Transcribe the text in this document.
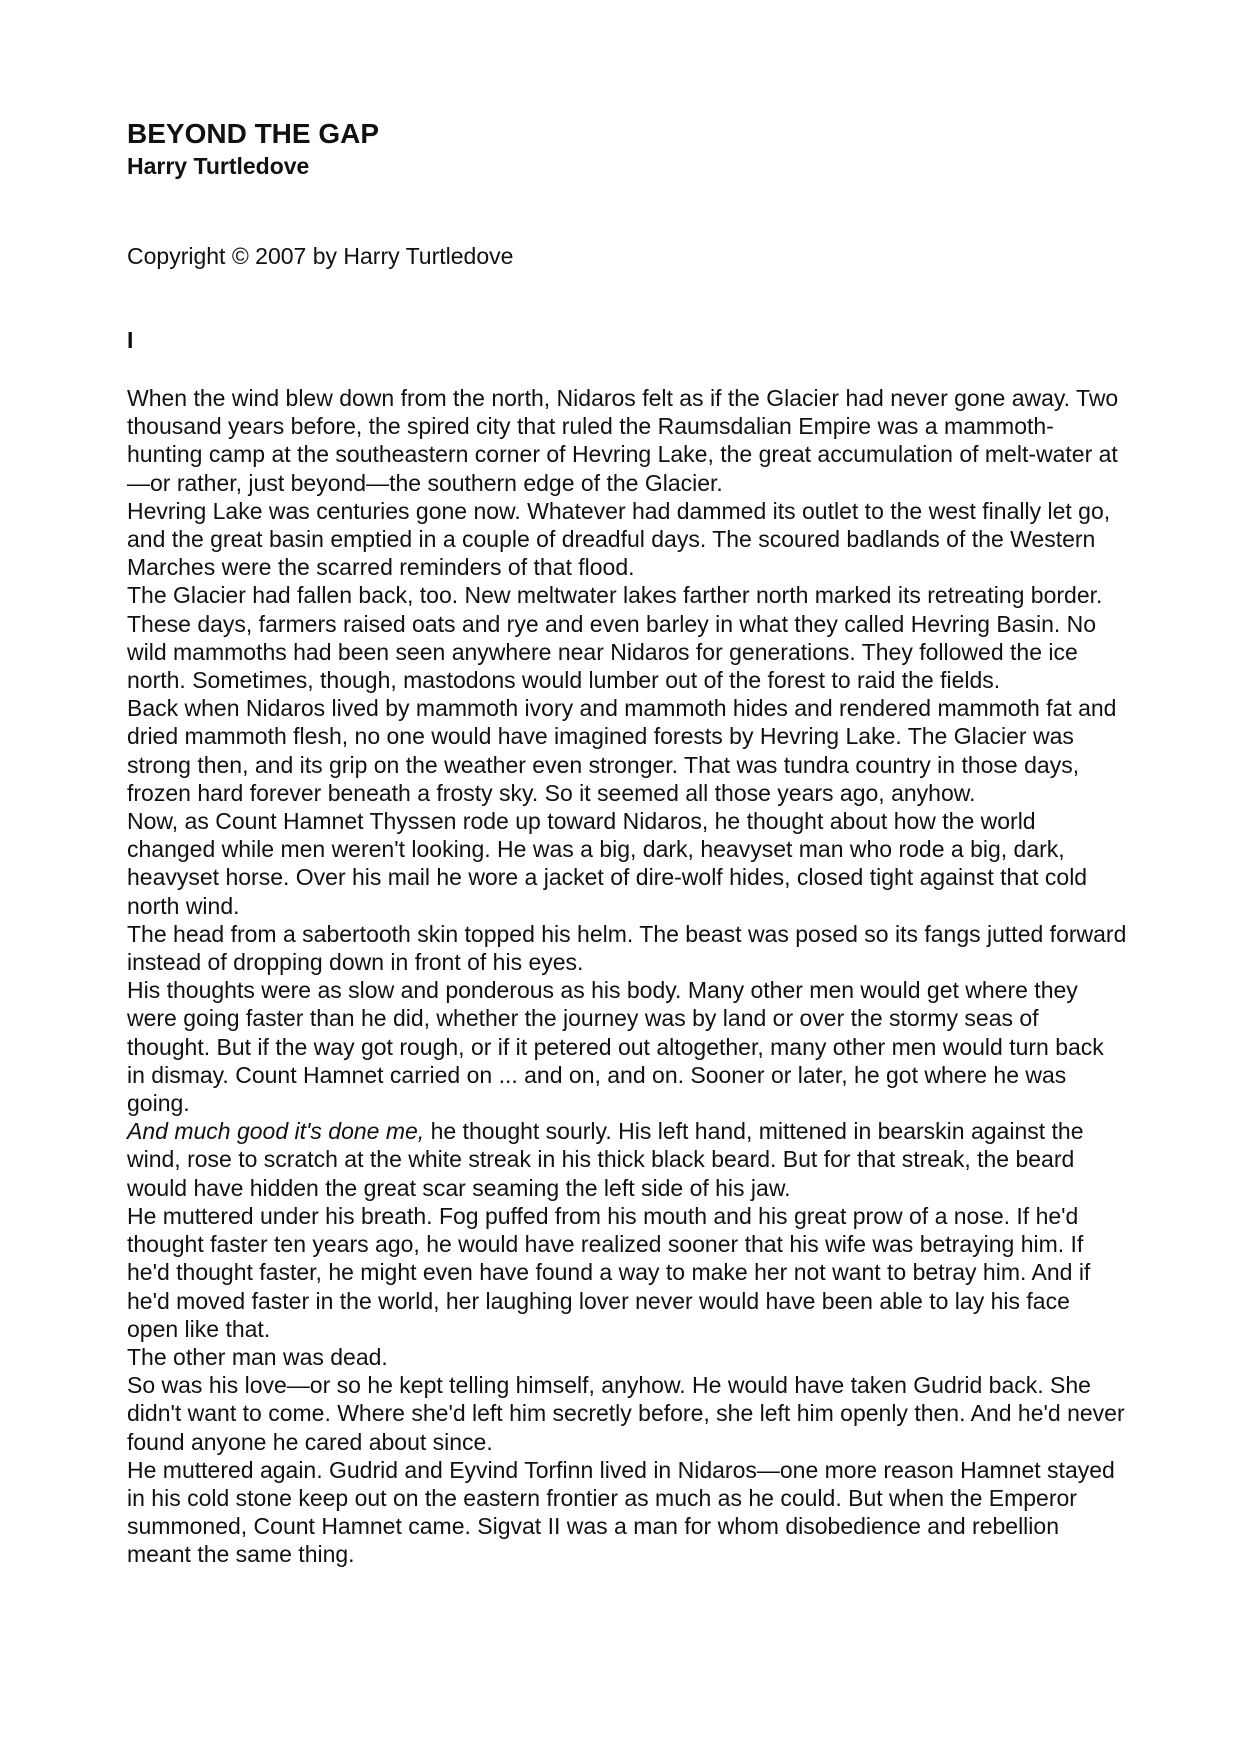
BEYOND THE GAP
Harry Turtledove

Copyright © 2007 by Harry Turtledove

I

When the wind blew down from the north, Nidaros felt as if the Glacier had never gone away. Two thousand years before, the spired city that ruled the Raumsdalian Empire was a mammoth-hunting camp at the southeastern corner of Hevring Lake, the great accumulation of melt-water at—or rather, just beyond—the southern edge of the Glacier.

Hevring Lake was centuries gone now. Whatever had dammed its outlet to the west finally let go, and the great basin emptied in a couple of dreadful days. The scoured badlands of the Western Marches were the scarred reminders of that flood.

The Glacier had fallen back, too. New meltwater lakes farther north marked its retreating border. These days, farmers raised oats and rye and even barley in what they called Hevring Basin. No wild mammoths had been seen anywhere near Nidaros for generations. They followed the ice north. Sometimes, though, mastodons would lumber out of the forest to raid the fields.

Back when Nidaros lived by mammoth ivory and mammoth hides and rendered mammoth fat and dried mammoth flesh, no one would have imagined forests by Hevring Lake. The Glacier was strong then, and its grip on the weather even stronger. That was tundra country in those days, frozen hard forever beneath a frosty sky. So it seemed all those years ago, anyhow.

Now, as Count Hamnet Thyssen rode up toward Nidaros, he thought about how the world changed while men weren't looking. He was a big, dark, heavyset man who rode a big, dark, heavyset horse. Over his mail he wore a jacket of dire-wolf hides, closed tight against that cold north wind.

The head from a sabertooth skin topped his helm. The beast was posed so its fangs jutted forward instead of dropping down in front of his eyes.

His thoughts were as slow and ponderous as his body. Many other men would get where they were going faster than he did, whether the journey was by land or over the stormy seas of thought. But if the way got rough, or if it petered out altogether, many other men would turn back in dismay. Count Hamnet carried on ... and on, and on. Sooner or later, he got where he was going.

And much good it's done me, he thought sourly. His left hand, mittened in bearskin against the wind, rose to scratch at the white streak in his thick black beard. But for that streak, the beard would have hidden the great scar seaming the left side of his jaw.

He muttered under his breath. Fog puffed from his mouth and his great prow of a nose. If he'd thought faster ten years ago, he would have realized sooner that his wife was betraying him. If he'd thought faster, he might even have found a way to make her not want to betray him. And if he'd moved faster in the world, her laughing lover never would have been able to lay his face open like that.

The other man was dead.

So was his love—or so he kept telling himself, anyhow. He would have taken Gudrid back. She didn't want to come. Where she'd left him secretly before, she left him openly then. And he'd never found anyone he cared about since.

He muttered again. Gudrid and Eyvind Torfinn lived in Nidaros—one more reason Hamnet stayed in his cold stone keep out on the eastern frontier as much as he could. But when the Emperor summoned, Count Hamnet came. Sigvat II was a man for whom disobedience and rebellion meant the same thing.
